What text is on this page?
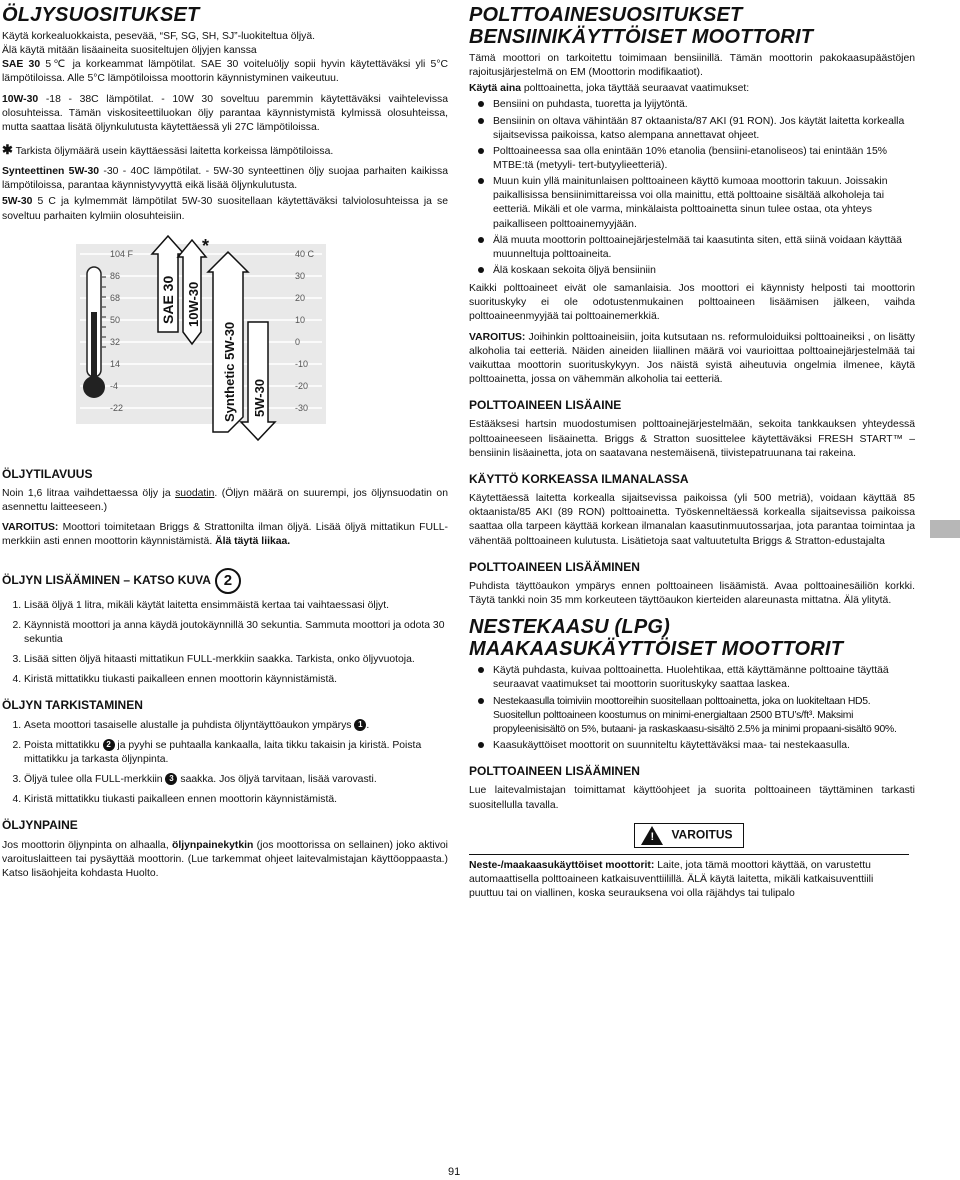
ÖLJYSUOSITUKSET

Käytä korkealuokkaista, pesevää, “SF, SG, SH, SJ”-luokiteltua öljyä.

Älä käytä mitään lisäaineita suositeltujen öljyjen kanssa

SAE 30 5℃ ja korkeammat lämpötilat. SAE 30 voiteluöljy sopii hyvin käytettäväksi yli 5°C lämpötiloissa. Alle 5°C lämpötiloissa moottorin käynnistyminen vaikeutuu.

10W-30 -18 - 38C lämpötilat. - 10W 30 soveltuu paremmin käytettäväksi vaihtelevissa olosuhteissa. Tämän viskositeettiluokan öljy parantaa käynnistymistä kylmissä olosuhteissa, mutta saattaa lisätä öljynkulutusta käytettäessä yli 27C lämpötiloissa.

✱ Tarkista öljymäärä usein käyttäessäsi laitetta korkeissa lämpötiloissa.

Synteettinen 5W-30 -30 - 40C lämpötilat. - 5W-30 synteettinen öljy suojaa parhaiten kaikissa lämpötiloissa, parantaa käynnistyvyyttä eikä lisää öljynkulutusta.

5W-30 5 C ja kylmemmät lämpötilat 5W-30 suositellaan käytettäväksi talviolosuhteissa ja se soveltuu parhaiten kylmiin olosuhteisiin.

104 F
86
68
50
32
14
-4
-22
40 C
30
20
10
0
-10
-20
-30
SAE 30 10W-30
Synthetic 5W-30 5W-30
*
ÖLJYTILAVUUS

Noin 1,6 litraa vaihdettaessa öljy ja suodatin. (Öljyn määrä on suurempi, jos öljynsuodatin on asennettu laitteeseen.)

VAROITUS: Moottori toimitetaan Briggs & Strattonilta ilman öljyä. Lisää öljyä mittatikun FULL-merkkiin asti ennen moottorin käynnistämistä. Älä täytä liikaa.

ÖLJYN LISÄÄMINEN – KATSO KUVA 2
1. Lisää öljyä 1 litra, mikäli käytät laitetta ensimmäistä kertaa tai vaihtaessasi öljyt.
2. Käynnistä moottori ja anna käydä joutokäynnillä 30 sekuntia. Sammuta moottori ja odota 30 sekuntia
3. Lisää sitten öljyä hitaasti mittatikun FULL-merkkiin saakka. Tarkista, onko öljyvuotoja.
4. Kiristä mittatikku tiukasti paikalleen ennen moottorin käynnistämistä.
ÖLJYN TARKISTAMINEN
1. Aseta moottori tasaiselle alustalle ja puhdista öljyntäyttöaukon ympärys 1 .
2. Poista mittatikku 2 ja pyyhi se puhtaalla kankaalla, laita tikku takaisin ja kiristä. Poista mittatikku ja tarkasta öljynpinta.
3. Öljyä tulee olla FULL-merkkiin 3 saakka. Jos öljyä tarvitaan, lisää varovasti.
4. Kiristä mittatikku tiukasti paikalleen ennen moottorin käynnistämistä.
ÖLJYNPAINE

Jos moottorin öljynpinta on alhaalla, öljynpainekytkin (jos moottorissa on sellainen) joko aktivoi varoituslaitteen tai pysäyttää moottorin. (Lue tarkemmat ohjeet laitevalmistajan käyttöoppaasta.) Katso lisäohjeita kohdasta Huolto.

POLTTOAINESUOSITUKSET
BENSIINIKÄYTTÖISET MOOTTORIT

Tämä moottori on tarkoitettu toimimaan bensiinillä. Tämän moottorin pakokaasupäästöjen rajoitusjärjestelmä on EM (Moottorin modifikaatiot).

Käytä aina polttoainetta, joka täyttää seuraavat vaatimukset:

Bensiini on puhdasta, tuoretta ja lyijytöntä.
Bensiinin on oltava vähintään 87 oktaanista/87 AKI (91 RON). Jos käytät laitetta korkealla sijaitsevissa paikoissa, katso alempana annettavat ohjeet.
Polttoaineessa saa olla enintään 10% etanolia (bensiini-etanoliseos) tai enintään 15% MTBE:tä (metyyli- tert-butyylieetteriä).
Muun kuin yllä mainitunlaisen polttoaineen käyttö kumoaa moottorin takuun. Joissakin paikallisissa bensiinimittareissa voi olla mainittu, että polttoaine sisältää alkoholeja tai eetteriä. Mikäli et ole varma, minkälaista polttoainetta sinun tulee ostaa, ota yhteys paikalliseen polttoainemyyjään.
Älä muuta moottorin polttoainejärjestelmää tai kaasutinta siten, että siinä voidaan käyttää muunneltuja polttoaineita.
Älä koskaan sekoita öljyä bensiiniin

Kaikki polttoaineet eivät ole samanlaisia. Jos moottori ei käynnisty helposti tai moottorin suorituskyky ei ole odotustenmukainen polttoaineen lisäämisen jälkeen, vaihda polttoaineenmyyjää tai polttoainemerkkiä.

VAROITUS: Joihinkin polttoaineisiin, joita kutsutaan ns. reformuloiduiksi polttoaineiksi , on lisätty alkoholia tai eetteriä. Näiden aineiden liiallinen määrä voi vaurioittaa polttoainejärjestelmää tai vaikuttaa moottorin suorituskykyyn. Jos näistä syistä aiheutuvia ongelmia ilmenee, käytä polttoainetta, jossa on vähemmän alkoholia tai eetteriä.

POLTTOAINEEN LISÄAINE

Estääksesi hartsin muodostumisen polttoainejärjestelmään, sekoita tankkauksen yhteydessä polttoaineeseen lisäainetta. Briggs & Stratton suosittelee käytettäväksi FRESH START™ –bensiinin lisäainetta, jota on saatavana nestemäisenä, tiivistepatruunana tai rakeina.

KÄYTTÖ KORKEASSA ILMANALASSA

Käytettäessä laitetta korkealla sijaitsevissa paikoissa (yli 500 metriä), voidaan käyttää 85 oktaanista/85 AKI (89 RON) polttoainetta. Työskenneltäessä korkealla sijaitsevissa paikoissa saattaa olla tarpeen käyttää korkean ilmanalan kaasutinmuutossarjaa, jota parantaa toimintaa ja vähentää polttoaineen kulutusta. Lisätietoja saat valtuutetulta Briggs & Stratton-edustajalta

POLTTOAINEEN LISÄÄMINEN

Puhdista täyttöaukon ympärys ennen polttoaineen lisäämistä. Avaa polttoainesäiliön korkki. Täytä tankki noin 35 mm korkeuteen täyttöaukon kierteiden alareunasta mittatna. Älä ylitytä.

NESTEKAASU (LPG)
MAAKAASUKÄYTTÖISET MOOTTORIT
Käytä puhdasta, kuivaa polttoainetta. Huolehtikaa, että käyttämänne polttoaine täyttää seuraavat vaatimukset tai moottorin suorituskyky saattaa laskea.
Nestekaasulla toimiviin moottoreihin suositellaan polttoainetta, joka on luokiteltaan HD5. Suositellun polttoaineen koostumus on minimi-energialtaan 2500 BTU’s/ft³. Maksimi propyleenisisältö on 5%, butaani- ja raskaskaasu-sisältö 2.5% ja minimi propaani-sisältö 90%.
Kaasukäyttöiset moottorit on suunniteltu käytettäväksi maa- tai nestekaasulla.
POLTTOAINEEN LISÄÄMINEN

Lue laitevalmistajan toimittamat käyttöohjeet ja suorita polttoaineen täyttäminen tarkasti suositellulla tavalla.

! VAROITUS
Neste-/maakaasukäyttöiset moottorit: Laite, jota tämä moottori käyttää, on varustettu automaattisella polttoaineen katkaisuventtiilillä. ÄLÄ käytä laitetta, mikäli katkaisuventtiili puuttuu tai on viallinen, koska seurauksena voi olla räjähdys tai tulipalo
91
